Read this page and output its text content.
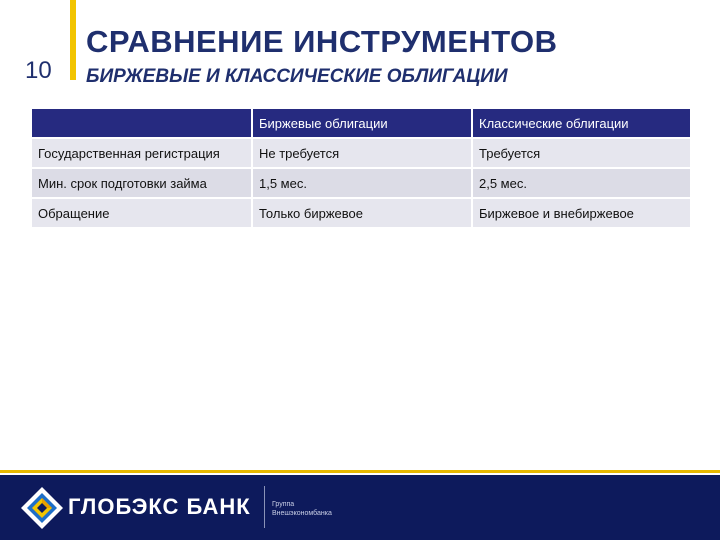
10
СРАВНЕНИЕ ИНСТРУМЕНТОВ
БИРЖЕВЫЕ И КЛАССИЧЕСКИЕ ОБЛИГАЦИИ
	Биржевые облигации	Классические облигации
Государственная регистрация	Не требуется	Требуется
Мин. срок подготовки займа	1,5 мес.	2,5 мес.
Обращение	Только биржевое	Биржевое и внебиржевое
ГЛОБЭКС БАНК	Группа
Внешэкономбанка
